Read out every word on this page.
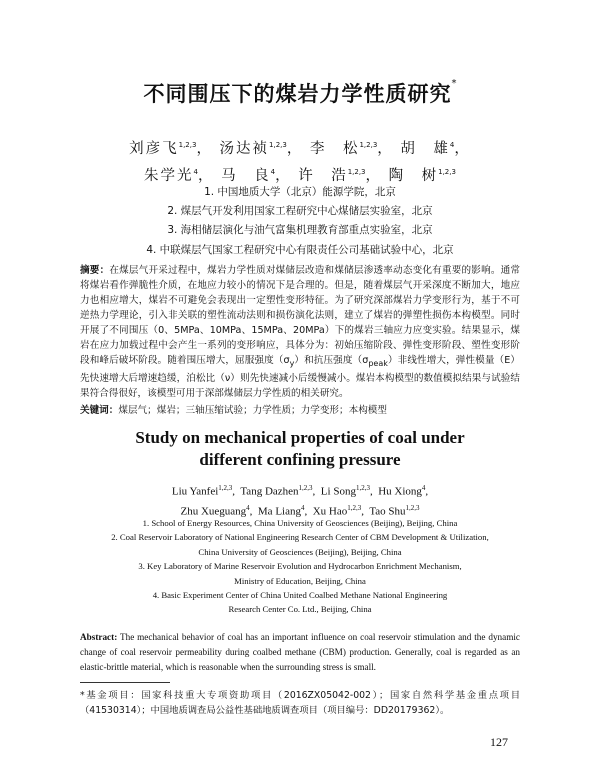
不同围压下的煤岩力学性质研究*
刘彦飞$^{1,2,3}$， 汤达祯$^{1,2,3}$， 李　松$^{1,2,3}$， 胡　雄$^4$，
朱学光$^4$， 马　良$^4$， 许　浩$^{1,2,3}$， 陶　树$^{1,2,3}$
1. 中国地质大学（北京）能源学院，北京
2. 煤层气开发利用国家工程研究中心煤储层实验室，北京
3. 海相储层演化与油气富集机理教育部重点实验室，北京
4. 中联煤层气国家工程研究中心有限责任公司基础试验中心，北京
摘要：在煤层气开采过程中，煤岩力学性质对煤储层改造和煤储层渗透率动态变化有重要的影响。通常将煤岩看作弹脆性介质，在地应力较小的情况下是合理的。但是，随着煤层气开采深度不断加大，地应力也相应增大，煤岩不可避免会表现出一定塑性变形特征。为了研究深部煤岩力学变形行为，基于不可逆热力学理论，引入非关联的塑性流动法则和损伤演化法则，建立了煤岩的弹塑性损伤本构模型。同时开展了不同围压（0、5MPa、10MPa、15MPa、20MPa）下的煤岩三轴应力应变实验。结果显示，煤岩在应力加载过程中会产生一系列的变形响应，具体分为：初始压缩阶段、弹性变形阶段、塑性变形阶段和峰后破坏阶段。随着围压增大，屈服强度$(\sigma_y)$和抗压强度$(\sigma_{peak})$非线性增大，弹性模量（E）先快速增大后增速趋缓，泊松比（ν）则先快速减小后缓慢减小。煤岩本构模型的数值模拟结果与试验结果符合得很好，该模型可用于深部煤储层力学性质的相关研究。
关键词：煤层气；煤岩；三轴压缩试验；力学性质；力学变形；本构模型
Study on mechanical properties of coal under
different confining pressure
Liu Yanfei$^{1,2,3}$,  Tang Dazhen$^{1,2,3}$,  Li Song$^{1,2,3}$,  Hu Xiong$^4$,
Zhu Xueguang$^4$,  Ma Liang$^4$,  Xu Hao$^{1,2,3}$,  Tao Shu$^{1,2,3}$
1. School of Energy Resources, China University of Geosciences (Beijing), Beijing, China
2. Coal Reservoir Laboratory of National Engineering Research Center of CBM Development & Utilization,
China University of Geosciences (Beijing), Beijing, China
3. Key Laboratory of Marine Reservoir Evolution and Hydrocarbon Enrichment Mechanism,
Ministry of Education, Beijing, China
4. Basic Experiment Center of China United Coalbed Methane National Engineering
Research Center Co. Ltd., Beijing, China
Abstract: The mechanical behavior of coal has an important influence on coal reservoir stimulation and the dynamic change of coal reservoir permeability during coalbed methane (CBM) production. Generally, coal is regarded as an elastic-brittle material, which is reasonable when the surrounding stress is small.
*基金项目：国家科技重大专项资助项目（2016ZX05042-002）；国家自然科学基金重点项目（41530314）；中国地质调查局公益性基础地质调查项目（项目编号：DD20179362）。
127
